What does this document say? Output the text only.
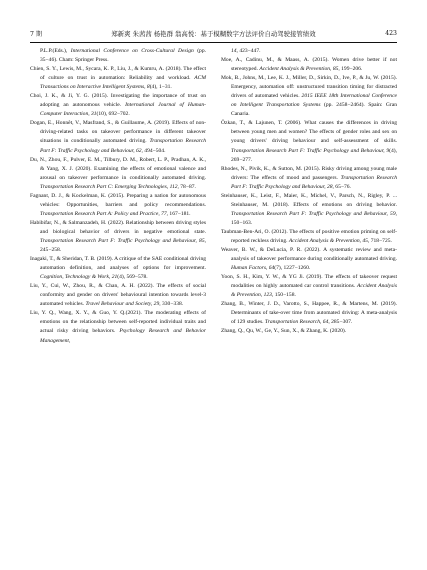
7 期	郑新爽 朱茜茜 杨艳群 翁高悦：基于模糊数字方法评价自动驾驶接管绩效	423

P.L.P.(Eds.), International Conference on Cross-Cultural Design (pp. 35−46). Cham: Springer Press.

Chien, S. Y., Lewis, M., Sycara, K. P., Liu, J., & Kumru, A. (2018). The effect of culture on trust in automation: Reliability and workload. ACM Transactions on Interactive Intelligent Systems, 8(4), 1−31.

Choi, J. K., & Ji, Y. G. (2015). Investigating the importance of trust on adopting an autonomous vehicle. International Journal of Human-Computer Interaction, 31(10), 692−702.

Dogan, E., Honnêt, V., Masfrand, S., & Guillaume, A. (2019). Effects of non-driving-related tasks on takeover performance in different takeover situations in conditionally automated driving. Transportation Research Part F: Traffic Psychology and Behaviour, 62, 494−504.

Du, N., Zhou, F., Pulver, E. M., Tilbury, D. M., Robert, L. P., Pradhan, A. K., & Yang, X. J. (2020). Examining the effects of emotional valence and arousal on takeover performance in conditionally automated driving. Transportation Research Part C: Emerging Technologies, 112, 78−87.

Fagnant, D. J., & Kockelman, K. (2015). Preparing a nation for autonomous vehicles: Opportunities, barriers and policy recommendations. Transportation Research Part A: Policy and Practice, 77, 167−181.

Habibifar, N., & Salmanzadeh, H. (2022). Relationship between driving styles and biological behavior of drivers in negative emotional state. Transportation Research Part F: Traffic Psychology and Behaviour, 85, 245−258.

Inagaki, T., & Sheridan, T. B. (2019). A critique of the SAE conditional driving automation definition, and analyses of options for improvement. Cognition, Technology & Work, 21(4), 569−578.

Liu, Y., Cui, W., Zhou, R., & Chan, A. H. (2022). The effects of social conformity and gender on drivers' behavioural intention towards level-3 automated vehicles. Travel Behaviour and Society, 29, 330−338.

Liu, Y. Q., Wang, X. Y., & Guo, Y. Q.(2021). The moderating effects of emotions on the relationship between self-reported individual traits and actual risky driving behaviors. Psychology Research and Behavior Management,

14, 423−447.

Moe, A., Cadinu, M., & Maass, A. (2015). Women drive better if not stereotyped. Accident Analysis & Prevention, 85, 199−206.

Mok, B., Johns, M., Lee, K. J., Miller, D., Sirkin, D., Ive, P., & Ju, W. (2015). Emergency, automation off: unstructured transition timing for distracted drivers of automated vehicles. 2015 IEEE 18th International Conference on Intelligent Transportation Systems (pp. 2458−2464). Spain: Gran Canaria.

Özkan, T., & Lajunen, T. (2006). What causes the differences in driving between young men and women? The effects of gender roles and sex on young drivers' driving behaviour and self-assessment of skills. Transportation Research Part F: Traffic Psychology and Behaviour, 9(4), 269−277.

Rhodes, N., Pivik, K., & Sutton, M. (2015). Risky driving among young male drivers: The effects of mood and passengers. Transportation Research Part F: Traffic Psychology and Behaviour, 28, 65−76.

Steinhauser, K., Leist, F., Maier, K., Michel, V., Parsch, N., Rigley, P. ... Steinhauser, M. (2018). Effects of emotions on driving behavior. Transportation Research Part F: Traffic Psychology and Behaviour, 59, 150−163.

Taubman-Ben-Ari, O. (2012). The effects of positive emotion priming on self-reported reckless driving. Accident Analysis & Prevention, 45, 718−725.

Weaver, B. W., & DeLucia, P. R. (2022). A systematic review and meta-analysis of takeover performance during conditionally automated driving. Human Factors, 64(7), 1227−1260.

Yoon, S. H., Kim, Y. W., & YG Ji. (2019). The effects of takeover request modalities on highly automated car control transitions. Accident Analysis & Prevention, 123, 150−158.

Zhang, B., Winter, J. D., Varotto, S., Happee, R., & Martens, M. (2019). Determinants of take-over time from automated driving: A meta-analysis of 129 studies. Transportation Research, 64, 285−307.

Zhang, Q., Qu, W., Ge, Y., Sun, X., & Zhang, K. (2020).
